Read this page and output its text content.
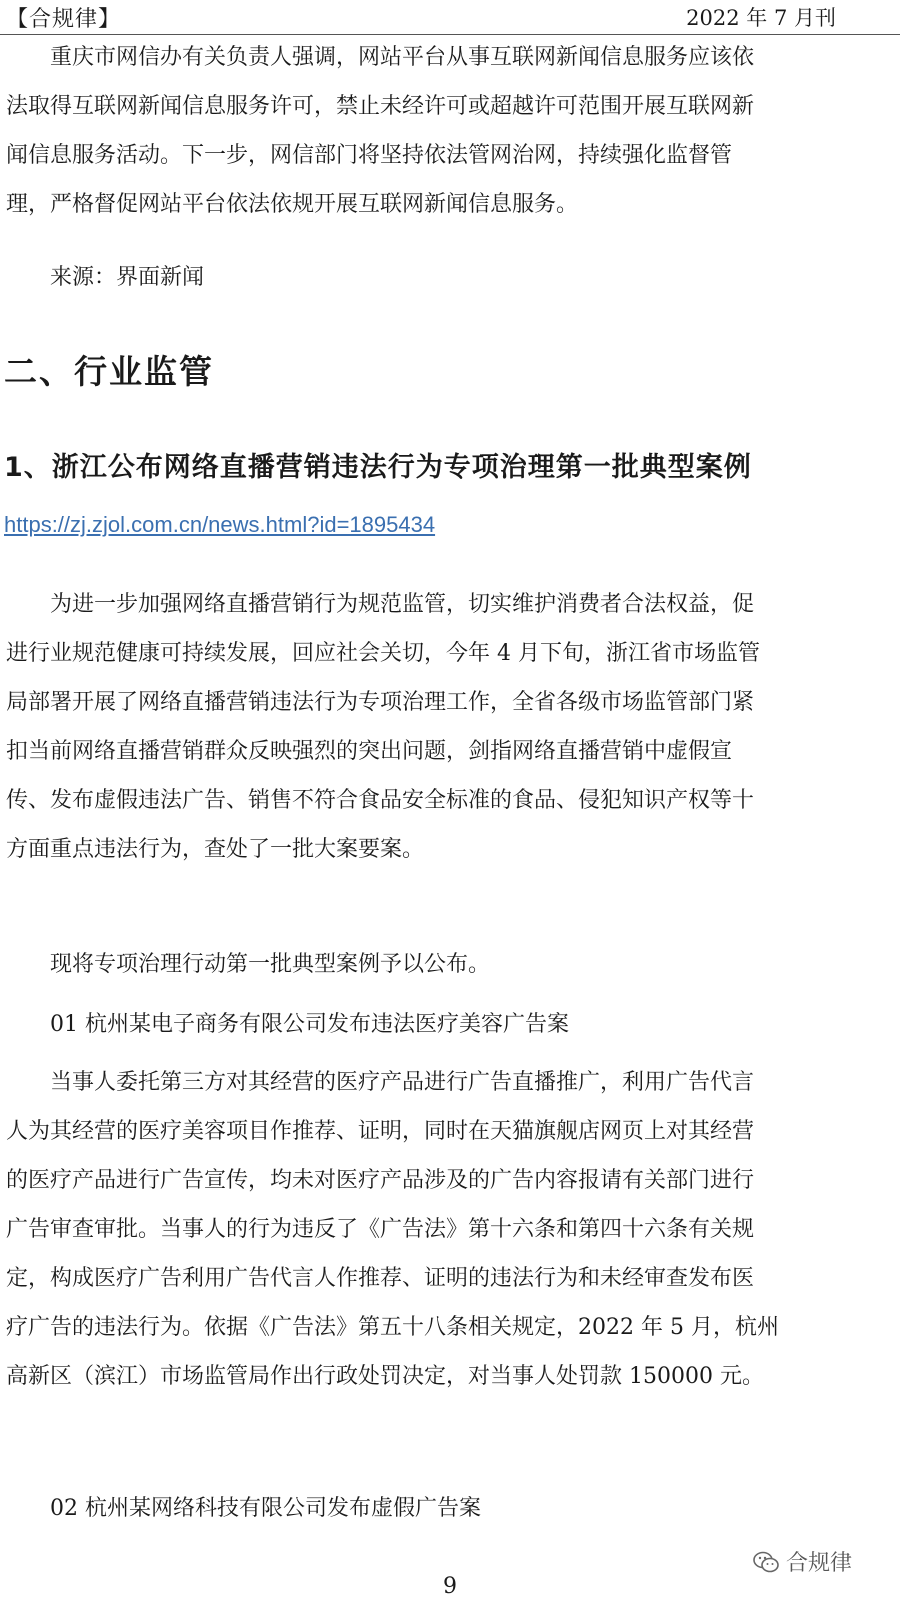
【合规律】	2022 年 7 月刊
重庆市网信办有关负责人强调，网站平台从事互联网新闻信息服务应该依
法取得互联网新闻信息服务许可，禁止未经许可或超越许可范围开展互联网新
闻信息服务活动。下一步，网信部门将坚持依法管网治网，持续强化监督管
理，严格督促网站平台依法依规开展互联网新闻信息服务。
来源：界面新闻
二、行业监管
1、浙江公布网络直播营销违法行为专项治理第一批典型案例
https://zj.zjol.com.cn/news.html?id=1895434
为进一步加强网络直播营销行为规范监管，切实维护消费者合法权益，促
进行业规范健康可持续发展，回应社会关切，今年 4 月下旬，浙江省市场监管
局部署开展了网络直播营销违法行为专项治理工作，全省各级市场监管部门紧
扣当前网络直播营销群众反映强烈的突出问题，剑指网络直播营销中虚假宣
传、发布虚假违法广告、销售不符合食品安全标准的食品、侵犯知识产权等十
方面重点违法行为，查处了一批大案要案。
现将专项治理行动第一批典型案例予以公布。
01 杭州某电子商务有限公司发布违法医疗美容广告案
当事人委托第三方对其经营的医疗产品进行广告直播推广，利用广告代言
人为其经营的医疗美容项目作推荐、证明，同时在天猫旗舰店网页上对其经营
的医疗产品进行广告宣传，均未对医疗产品涉及的广告内容报请有关部门进行
广告审查审批。当事人的行为违反了《广告法》第十六条和第四十六条有关规
定，构成医疗广告利用广告代言人作推荐、证明的违法行为和未经审查发布医
疗广告的违法行为。依据《广告法》第五十八条相关规定，2022 年 5 月，杭州
高新区（滨江）市场监管局作出行政处罚决定，对当事人处罚款 150000 元。
02 杭州某网络科技有限公司发布虚假广告案
合规律
9
